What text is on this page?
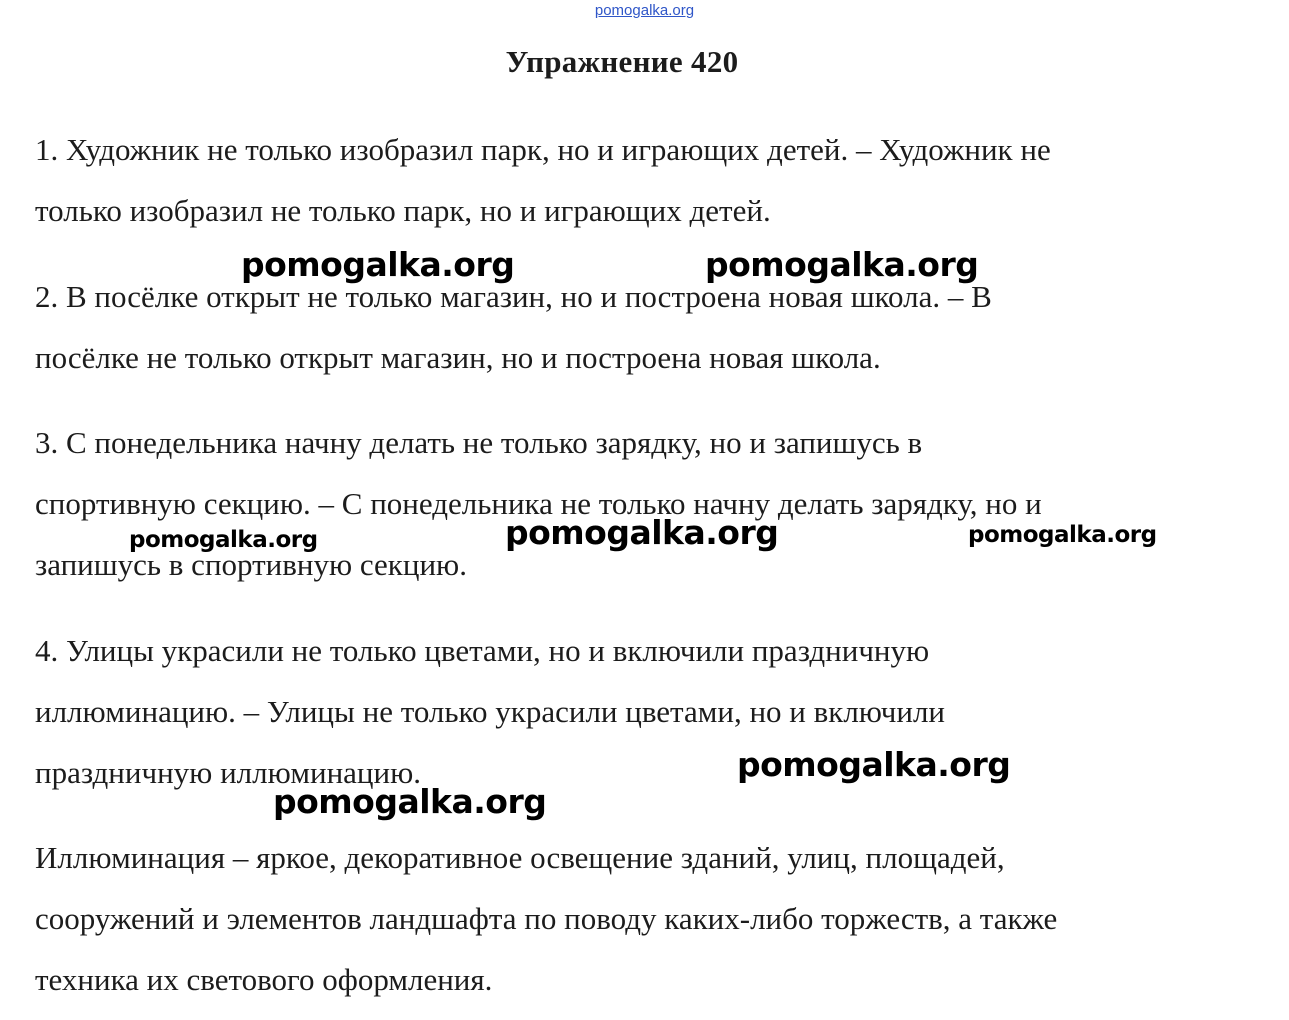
pomogalka.org
Упражнение 420
1. Художник не только изобразил парк, но и играющих детей. – Художник не
только изобразил не только парк, но и играющих детей.
2. В посёлке открыт не только магазин, но и построена новая школа. – В
посёлке не только открыт магазин, но и построена новая школа.
3. С понедельника начну делать не только зарядку, но и запишусь в
спортивную секцию. – С понедельника не только начну делать зарядку, но и
запишусь в спортивную секцию.
4. Улицы украсили не только цветами, но и включили праздничную
иллюминацию. – Улицы не только украсили цветами, но и включили
праздничную иллюминацию.
Иллюминация – яркое, декоративное освещение зданий, улиц, площадей,
сооружений и элементов ландшафта по поводу каких-либо торжеств, а также
техника их светового оформления.
pomogalka.org	pomogalka.org
pomogalka.org	pomogalka.org	pomogalka.org
pomogalka.org
pomogalka.org
